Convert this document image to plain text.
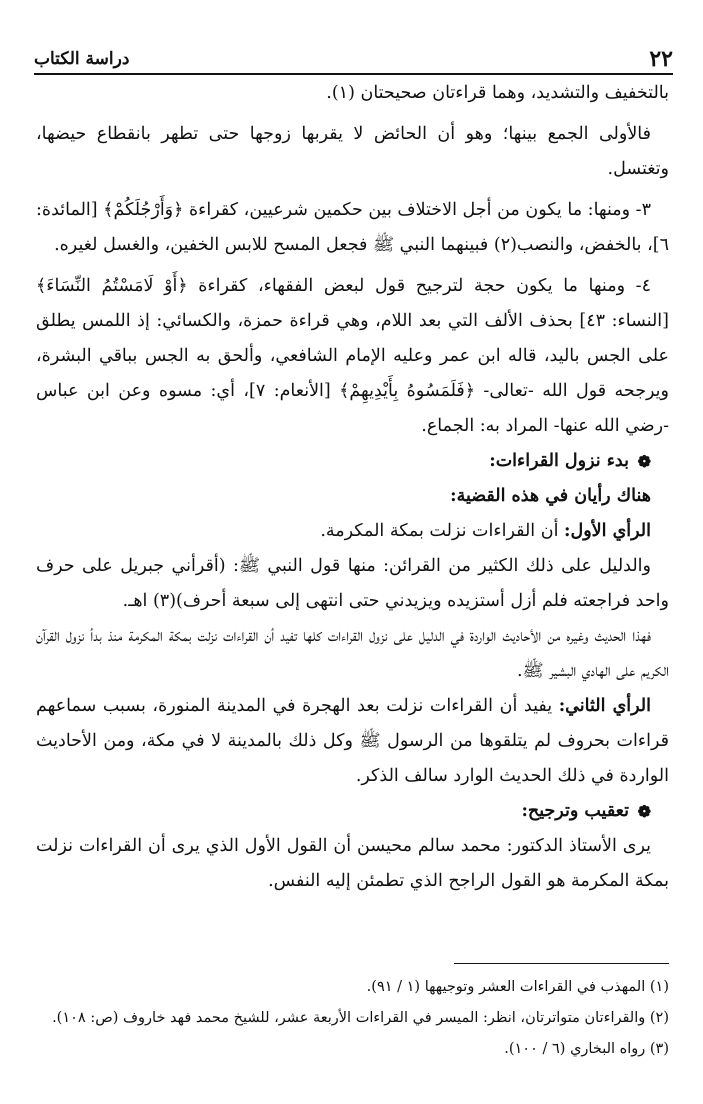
٢٢
دراسة الكتاب

بالتخفيف والتشديد، وهما قراءتان صحيحتان (١).

فالأولى الجمع بينها؛ وهو أن الحائض لا يقربها زوجها حتى تطهر بانقطاع حيضها، وتغتسل.

٣- ومنها: ما يكون من أجل الاختلاف بين حكمين شرعيين، كقراءة ﴿وَأَرْجُلَكُمْ﴾ [المائدة: ٦]، بالخفض، والنصب(٢) فبينهما النبي ﷺ فجعل المسح للابس الخفين، والغسل لغيره.

٤- ومنها ما يكون حجة لترجيح قول لبعض الفقهاء، كقراءة ﴿أَوْ لَامَسْتُمُ النِّسَاءَ﴾ [النساء: ٤٣] بحذف الألف التي بعد اللام، وهي قراءة حمزة، والكسائي: إذ اللمس يطلق على الجس باليد، قاله ابن عمر وعليه الإمام الشافعي، وألحق به الجس بباقي البشرة، ويرجحه قول الله -تعالى- ﴿فَلَمَسُوهُ بِأَيْدِيهِمْ﴾ [الأنعام: ٧]، أي: مسوه وعن ابن عباس -رضي الله عنها- المراد به: الجماع.

❁
بدء نزول القراءات:

هناك رأيان في هذه القضية:

الرأي الأول: أن القراءات نزلت بمكة المكرمة.

والدليل على ذلك الكثير من القرائن: منها قول النبي ﷺ: (أقرأني جبريل على حرف واحد فراجعته فلم أزل أستزيده ويزيدني حتى انتهى إلى سبعة أحرف)(٣) اهـ.

فهذا الحديث وغيره من الأحاديث الواردة في الدليل على نزول القراءات كلها تفيد أن القراءات نزلت بمكة المكرمة منذ بدأ نزول القرآن الكريم على الهادي البشير ﷺ.

الرأي الثاني: يفيد أن القراءات نزلت بعد الهجرة في المدينة المنورة، بسبب سماعهم قراءات بحروف لم يتلقوها من الرسول ﷺ وكل ذلك بالمدينة لا في مكة، ومن الأحاديث الواردة في ذلك الحديث الوارد سالف الذكر.

❁
تعقيب وترجيح:

يرى الأستاذ الدكتور: محمد سالم محيسن أن القول الأول الذي يرى أن القراءات نزلت بمكة المكرمة هو القول الراجح الذي تطمئن إليه النفس.

(١) المهذب في القراءات العشر وتوجيهها (١ / ٩١).

(٢) والقراءتان متواترتان، انظر: الميسر في القراءات الأربعة عشر، للشيخ محمد فهد خاروف (ص: ١٠٨).

(٣) رواه البخاري (٦ / ١٠٠).
